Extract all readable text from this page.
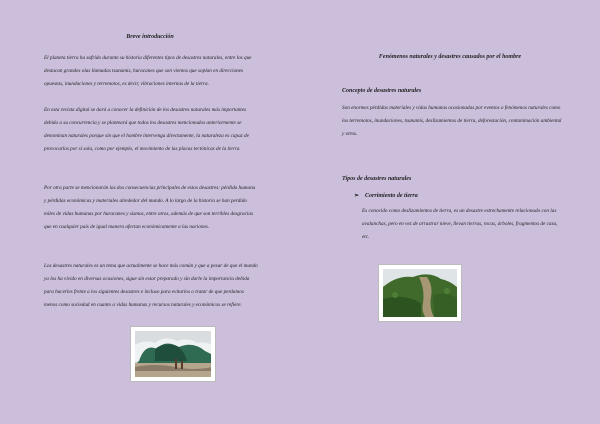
Breve introducción

El planeta tierra ha sufrido durante su historia diferentes tipos de desastres naturales, entre los que destacan grandes olas llamadas tsunamis, huracanes que son vientos que soplan en direcciones opuestas, inundaciones y terremotos, es decir, vibraciones internas de la tierra.

En esta revista digital se dará a conocer la definición de los desastres naturales más importantes debido a su concurrencia y se planteará que todos los desastres mencionados anteriormente se denominan naturales porque sin que el hombre intervenga directamente, la naturaleza es capaz de provocarlos por sí sola, como por ejemplo, el movimiento de las placas tectónicas de la tierra.

Por otra parte se mencionarán las dos consecuencias principales de estos desastres: pérdida humana y pérdidas económicas y materiales alrededor del mundo. A lo largo de la historia se han perdido miles de vidas humanas por huracanes y sismos, entre otros, además de que son terribles desgracias que en cualquier país de igual manera afectan económicamente a las naciones.

Los desastres naturales es un tema que actualmente se hace más común y que a pesar de que el mundo ya los ha vivido en diversas ocasiones, sigue sin estar preparado y sin darle la importancia debida para hacerles frente a los siguientes desastres e incluso para evitarlos o tratar de que perdamos menos como sociedad en cuanto a vidas humanas y recursos naturales y económicos se refiere.

Fenómenos naturales y desastres causados por el hombre
Concepto de desastres naturales

Son enormes pérdidas materiales y vidas humanas ocasionadas por eventos o fenómenos naturales como los terremotos, inundaciones, tsunamis, deslizamientos de tierra, deforestación, contaminación ambiental y otros.

Tipos de desastres naturales
➢ Corrimiento de tierra

Es conocido como deslizamientos de tierra, es un desastre estrechamente relacionado con las avalanchas, pero en vez de arrastrar nieve, llevan tierras, rocas, árboles, fragmentos de casa, etc.
